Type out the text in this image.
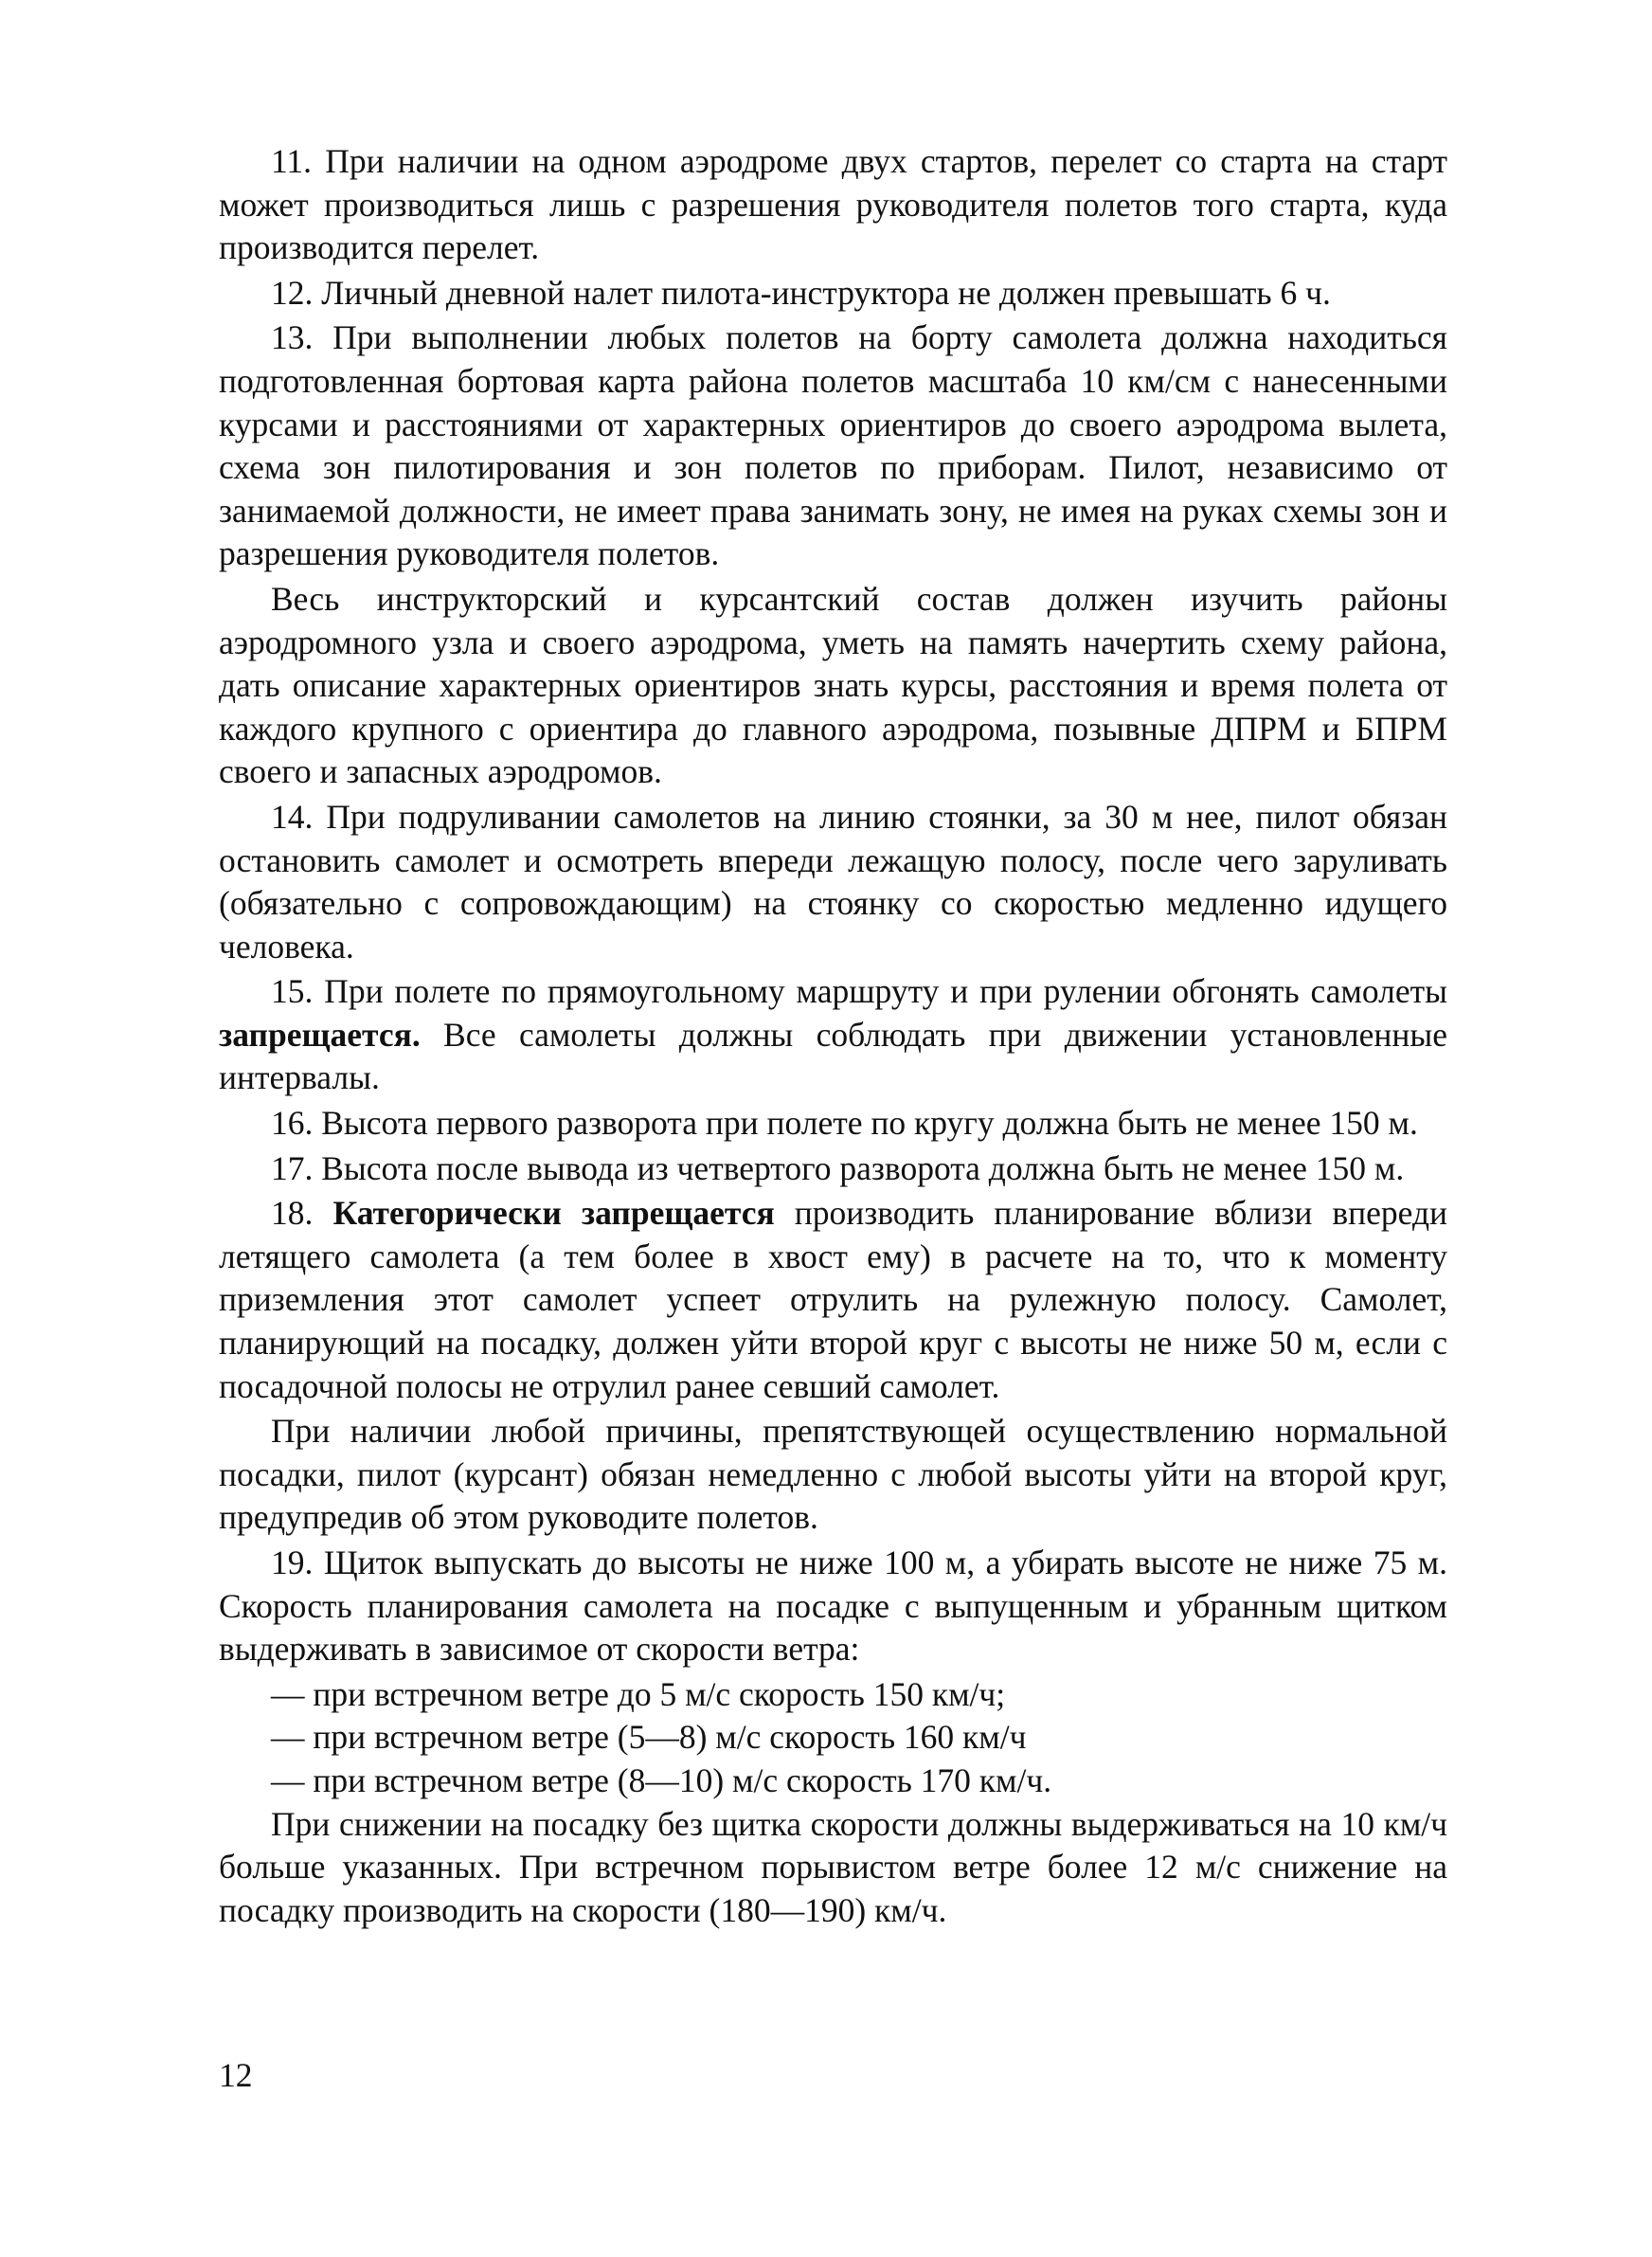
11. При наличии на одном аэродроме двух стартов, перелет со старта на старт может производиться лишь с разрешения руководителя полетов того старта, куда производится перелет.

12. Личный дневной налет пилота-инструктора не должен превышать 6 ч.

13. При выполнении любых полетов на борту самолета должна находиться подготовленная бортовая карта района полетов масштаба 10 км/см с нанесенными курсами и расстояниями от характерных ориентиров до своего аэродрома вылета, схема зон пилотирования и зон полетов по приборам. Пилот, независимо от занимаемой должности, не имеет права занимать зону, не имея на руках схемы зон и разрешения руководителя полетов.

Весь инструкторский и курсантский состав должен изучить районы аэродромного узла и своего аэродрома, уметь на память начертить схему района, дать описание характерных ориентиров знать курсы, расстояния и время полета от каждого крупного с ориентира до главного аэродрома, позывные ДПРМ и БПРМ своего и запасных аэродромов.

14. При подруливании самолетов на линию стоянки, за 30 м нее, пилот обязан остановить самолет и осмотреть впереди лежащую полосу, после чего заруливать (обязательно с сопровождающим) на стоянку со скоростью медленно идущего человека.

15. При полете по прямоугольному маршруту и при рулении обгонять самолеты запрещается. Все самолеты должны соблюдать при движении установленные интервалы.

16. Высота первого разворота при полете по кругу должна быть не менее 150 м.

17. Высота после вывода из четвертого разворота должна быть не менее 150 м.

18. Категорически запрещается производить планирование вблизи впереди летящего самолета (а тем более в хвост ему) в расчете на то, что к моменту приземления этот самолет успеет отрулить на рулежную полосу. Самолет, планирующий на посадку, должен уйти второй круг с высоты не ниже 50 м, если с посадочной полосы не отрулил ранее севший самолет.

При наличии любой причины, препятствующей осуществлению нормальной посадки, пилот (курсант) обязан немедленно с любой высоты уйти на второй круг, предупредив об этом руководите полетов.

19. Щиток выпускать до высоты не ниже 100 м, а убирать высоте не ниже 75 м. Скорость планирования самолета на посадке с выпущенным и убранным щитком выдерживать в зависимое от скорости ветра:

— при встречном ветре до 5 м/с скорость 150 км/ч;
— при встречном ветре (5—8) м/с скорость 160 км/ч
— при встречном ветре (8—10) м/с скорость 170 км/ч.

При снижении на посадку без щитка скорости должны выдерживаться на 10 км/ч больше указанных. При встречном порывистом ветре более 12 м/с снижение на посадку производить на скорости (180—190) км/ч.

12
